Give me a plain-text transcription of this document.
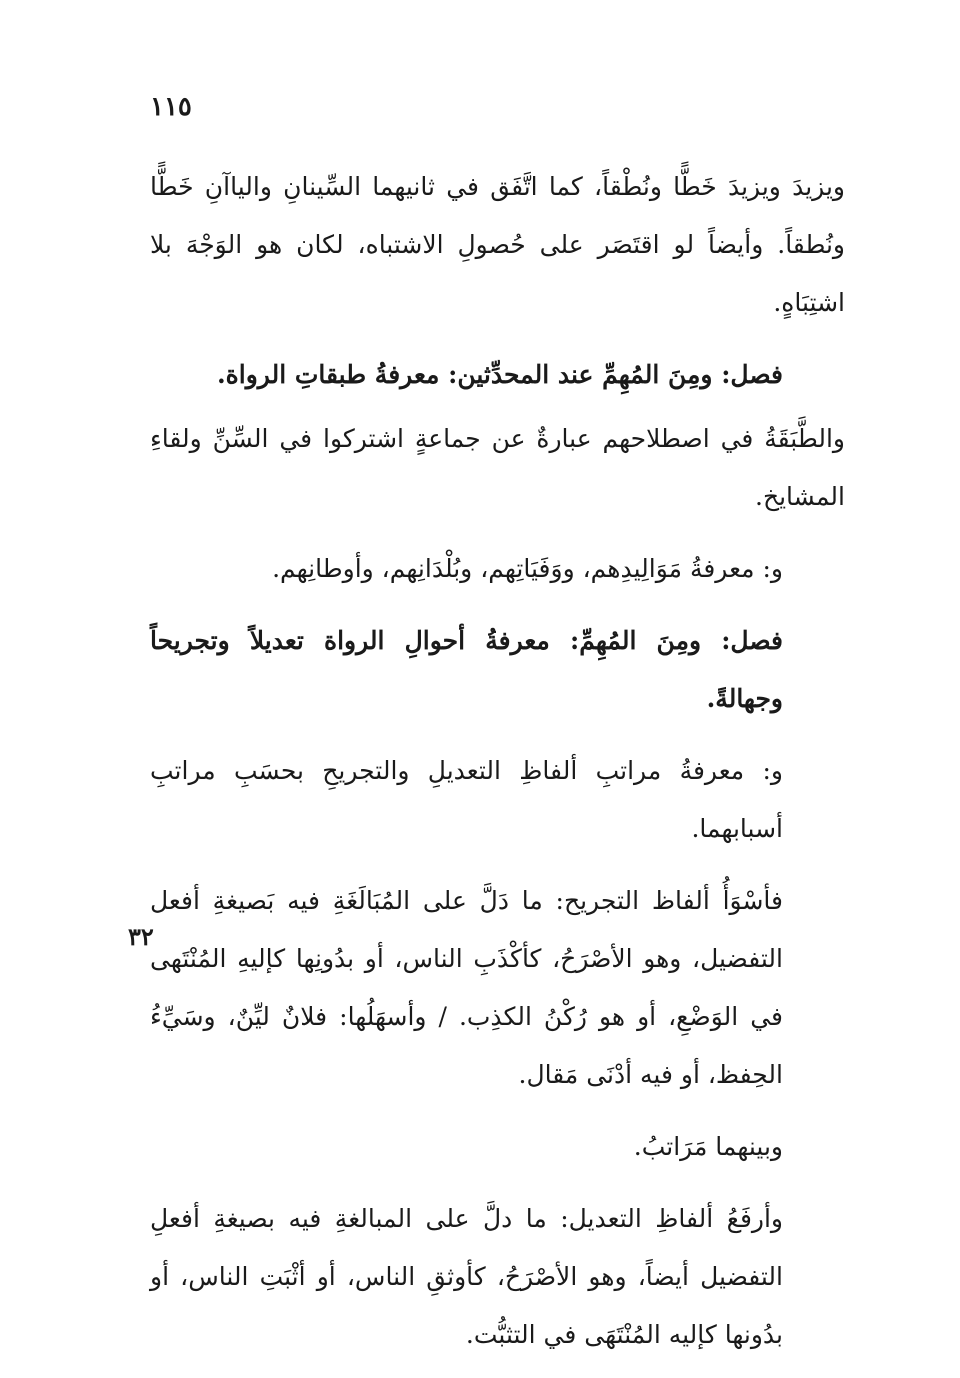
١١٥
٣٢

ويزيدَ ويزيدَ خَطًّا ونُطْقاً، كما اتَّفَق في ثانيهما السِّينانِ والياآنِ خَطًّا ونُطقاً. وأيضاً لو اقتَصَر على حُصولِ الاشتباه، لكان هو الوَجْهَ بلا اشتِبَاهٍ.

فصل: ومِنَ المُهِمِّ عند المحدِّثين: معرفةُ طبقاتِ الرواة.

والطَّبَقَةُ في اصطلاحهم عبارةٌ عن جماعةٍ اشتركوا في السِّنِّ ولقاءِ المشايخ.

و: معرفةُ مَوَالِيدِهم، ووَفَيَاتِهم، وبُلْدَانِهم، وأوطانِهم.

فصل: ومِنَ المُهِمِّ: معرفةُ أحوالِ الرواة تعديلاً وتجريحاً وجهالةً.

و: معرفةُ مراتبِ ألفاظِ التعديلِ والتجريحِ بحسَبِ مراتبِ أسبابهما.

فأسْوَأُ ألفاظ التجريح: ما دَلَّ على المُبَالَغَةِ فيه بَصيغةِ أفعل التفضيل، وهو الأصْرَحُ، كأكْذَبِ الناس، أو بدُونِها كإليهِ المُنْتَهى في الوَضْعِ، أو هو رُكْنُ الكذِب. / وأسهَلُها: فلانٌ ليِّنٌ، وسَيِّءُ الحِفظ، أو فيه أدْنَى مَقال.

وبينهما مَرَاتبُ.

وأرفَعُ ألفاظِ التعديل: ما دلَّ على المبالغةِ فيه بصيغةِ أفعلِ التفضيل أيضاً، وهو الأصْرَحُ، كأوثقِ الناس، أو أثْبَتِ الناس، أو بدُونها كإليه المُنْتَهَى في التثبُّت.
